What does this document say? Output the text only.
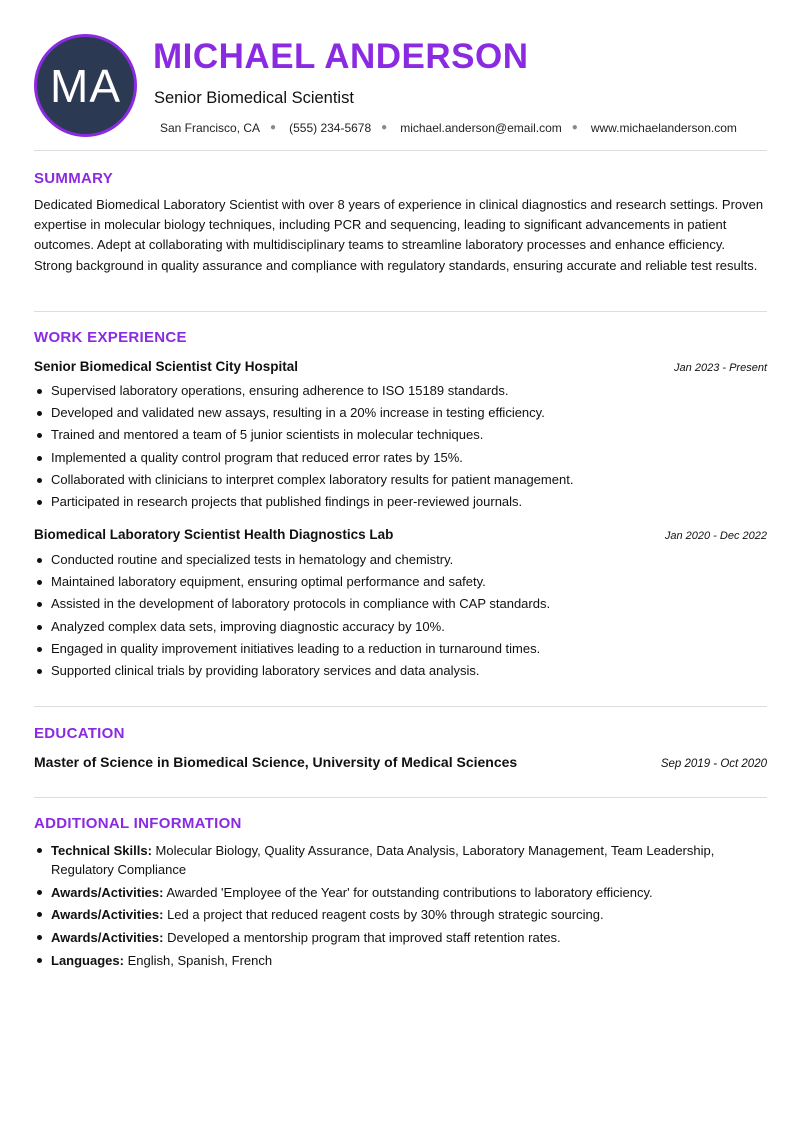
MA
MICHAEL ANDERSON
Senior Biomedical Scientist
San Francisco, CA ● (555) 234-5678 ● michael.anderson@email.com ● www.michaelanderson.com
SUMMARY

Dedicated Biomedical Laboratory Scientist with over 8 years of experience in clinical diagnostics and research settings. Proven expertise in molecular biology techniques, including PCR and sequencing, leading to significant advancements in patient outcomes. Adept at collaborating with multidisciplinary teams to streamline laboratory processes and enhance efficiency. Strong background in quality assurance and compliance with regulatory standards, ensuring accurate and reliable test results.

WORK EXPERIENCE
Senior Biomedical Scientist City Hospital	Jan 2023 - Present
Supervised laboratory operations, ensuring adherence to ISO 15189 standards.
Developed and validated new assays, resulting in a 20% increase in testing efficiency.
Trained and mentored a team of 5 junior scientists in molecular techniques.
Implemented a quality control program that reduced error rates by 15%.
Collaborated with clinicians to interpret complex laboratory results for patient management.
Participated in research projects that published findings in peer-reviewed journals.
Biomedical Laboratory Scientist Health Diagnostics Lab	Jan 2020 - Dec 2022
Conducted routine and specialized tests in hematology and chemistry.
Maintained laboratory equipment, ensuring optimal performance and safety.
Assisted in the development of laboratory protocols in compliance with CAP standards.
Analyzed complex data sets, improving diagnostic accuracy by 10%.
Engaged in quality improvement initiatives leading to a reduction in turnaround times.
Supported clinical trials by providing laboratory services and data analysis.
EDUCATION
Master of Science in Biomedical Science, University of Medical Sciences	Sep 2019 - Oct 2020
ADDITIONAL INFORMATION
Technical Skills: Molecular Biology, Quality Assurance, Data Analysis, Laboratory Management, Team Leadership, Regulatory Compliance
Awards/Activities: Awarded 'Employee of the Year' for outstanding contributions to laboratory efficiency.
Awards/Activities: Led a project that reduced reagent costs by 30% through strategic sourcing.
Awards/Activities: Developed a mentorship program that improved staff retention rates.
Languages: English, Spanish, French
